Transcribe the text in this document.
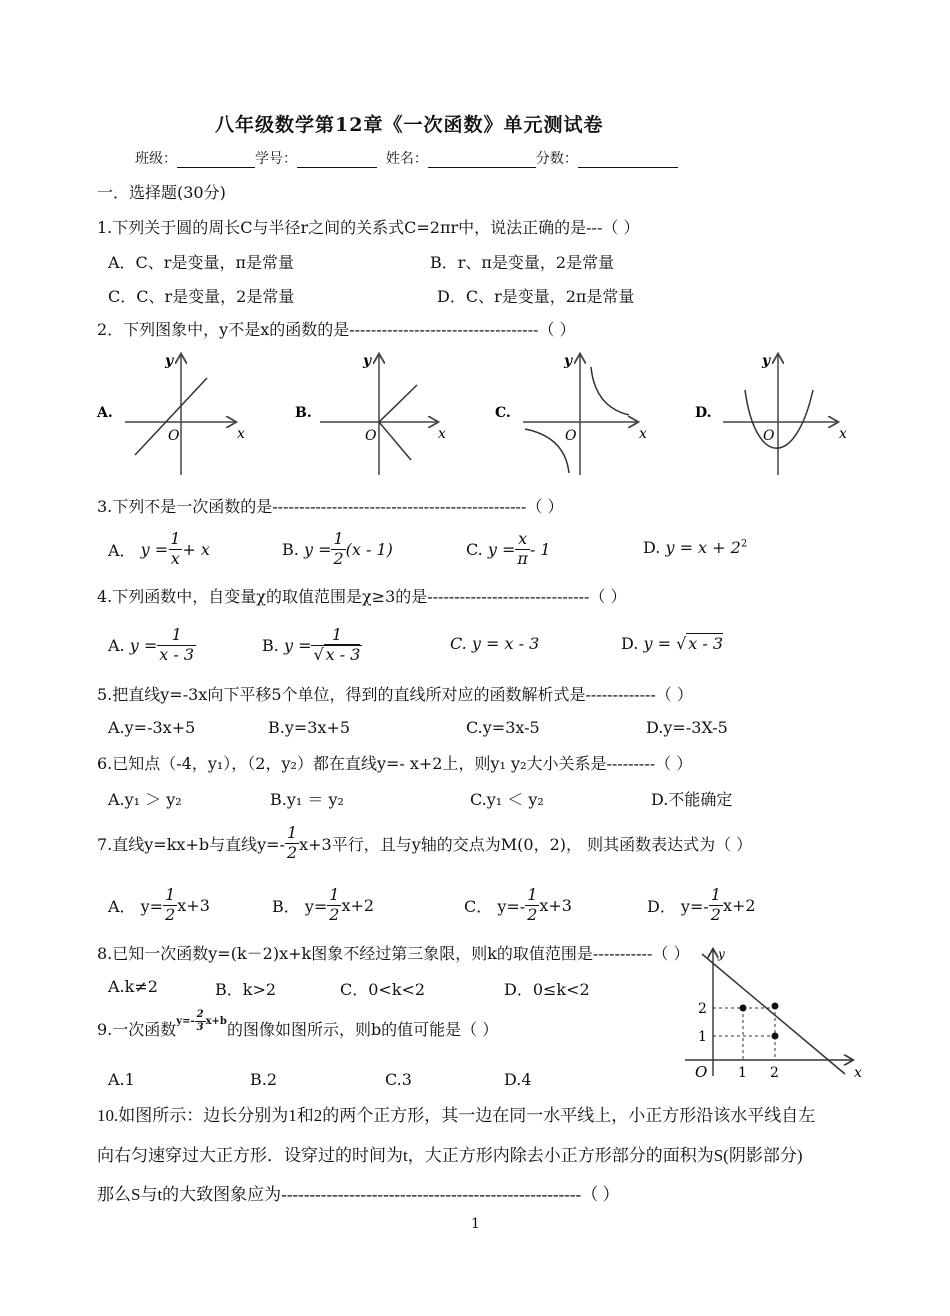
八年级数学第12章《一次函数》单元测试卷
班级：	学号：	姓名：	分数：
一．选择题(30分)
1.下列关于圆的周长C与半径r之间的关系式C=2πr中，说法正确的是---（ ）
A．C、r是变量，π是常量	B．r、π是变量，2是常量
C．C、r是变量，2是常量	D．C、r是变量，2π是常量
2．下列图象中，y不是x的函数的是-----------------------------------（ ）
A.
O	x
y
B.
O	x
y
C.
O	x
y
D.
O	x
y
3.下列不是一次函数的是-----------------------------------------------（ ）
A．
$y = \frac{1}{x} + x$	B.
$y = \frac{1}{2} (x - 1)$	C.
$y = \frac{x}{\pi} - 1$	D. $y = x + 2^2$
4.下列函数中，自变量χ的取值范围是χ≥3的是------------------------------（ ）
A.
$y = \frac{1}{x - 3}$	B.
$y = \frac{1}{√ x - 3}$	C. y = x - 3	D. y = √ x - 3
5.把直线y=-3x向下平移5个单位，得到的直线所对应的函数解析式是-------------（ ）
A.y=-3x+5	B.y=3x+5	C.y=3x-5	D.y=-3X-5
6.已知点（-4，y₁），（2，y₂）都在直线y=- x+2上，则y₁ y₂大小关系是---------（ ）
A.y₁ ＞ y₂	B.y₁ ＝ y₂	C.y₁ ＜ y₂	D.不能确定
7.直线y=kx+b与直线$y=- \frac{1}{2} x+3$平行，且与y轴的交点为M(0，2)， 则其函数表达式为（ ）
A． $y= \frac{1}{2} x+3$	B． $y= \frac{1}{2} x+2$	C． $y=- \frac{1}{2} x+3$	D． $y=- \frac{1}{2} x+2$
8.已知一次函数y=(k－2)x+k图象不经过第三象限，则k的取值范围是-----------（ ）
A.k≠2	B．k>2	C．0<k<2	D．0≤k<2
9.一次函数 $y=- \frac{2}{3} x+b$ 的图像如图所示，则b的值可能是（ ）
A.1	B.2	C.3	D.4
2
1
1 2
O	x
y
10.如图所示：边长分别为1和2的两个正方形，其一边在同一水平线上，小正方形沿该水平线自左
向右匀速穿过大正方形．设穿过的时间为t，大正方形内除去小正方形部分的面积为S(阴影部分)
那么S与t的大致图象应为-----------------------------------------------------（ ）
1
